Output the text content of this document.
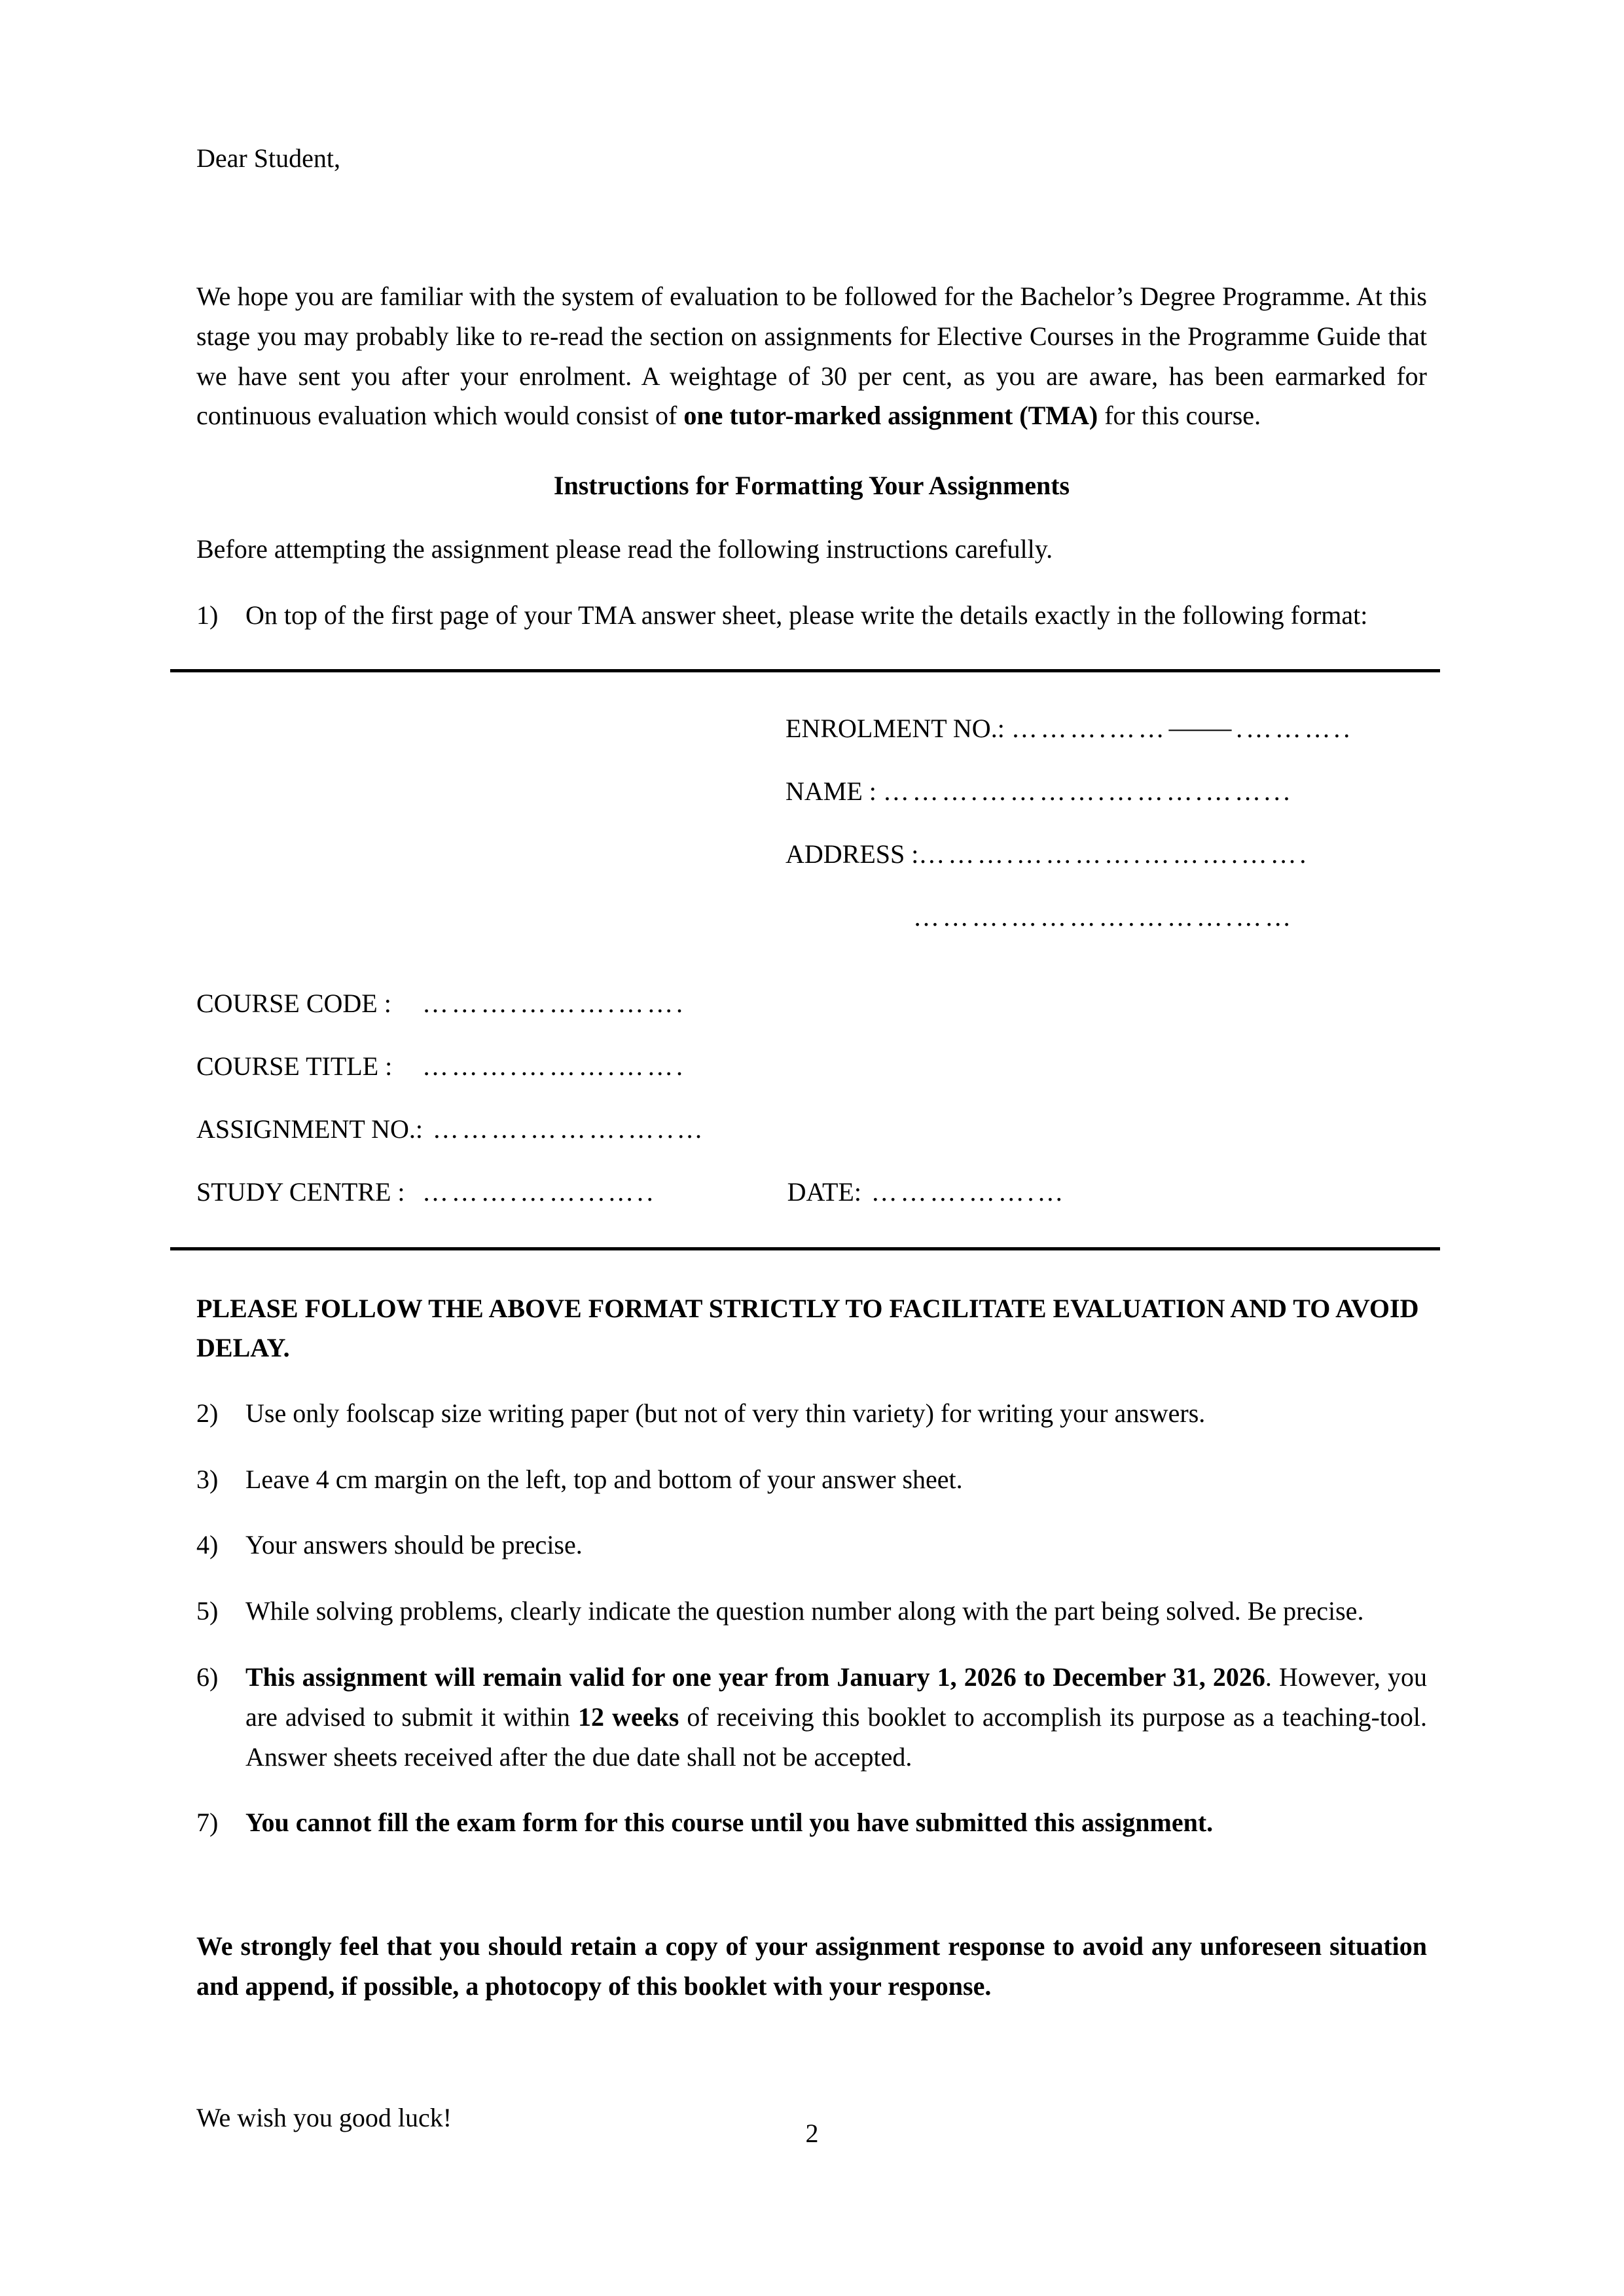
Dear Student,

We hope you are familiar with the system of evaluation to be followed for the Bachelor’s Degree Programme. At this stage you may probably like to re-read the section on assignments for Elective Courses in the Programme Guide that we have sent you after your enrolment. A weightage of 30 per cent, as you are aware, has been earmarked for continuous evaluation which would consist of one tutor-marked assignment (TMA) for this course.

Instructions for Formatting Your Assignments

Before attempting the assignment please read the following instructions carefully.

1)	On top of the first page of your TMA answer sheet, please write the details exactly in the following format:
ENROLMENT NO.: ……….……⸻.………..
NAME : ……….………….……….……...
ADDRESS :……….………….……….…….
……….………….……….……
COURSE CODE : ……….……….…….
COURSE TITLE : ……….……….…….
ASSIGNMENT NO.: ……….……….…..…
STUDY CENTRE : ……….……...…..	DATE: ……….…….…
PLEASE FOLLOW THE ABOVE FORMAT STRICTLY TO FACILITATE EVALUATION AND TO AVOID DELAY.
2)	Use only foolscap size writing paper (but not of very thin variety) for writing your answers.
3)	Leave 4 cm margin on the left, top and bottom of your answer sheet.
4)	Your answers should be precise.
5)	While solving problems, clearly indicate the question number along with the part being solved. Be precise.
6)	This assignment will remain valid for one year from January 1, 2026 to December 31, 2026. However, you are advised to submit it within 12 weeks of receiving this booklet to accomplish its purpose as a teaching-tool. Answer sheets received after the due date shall not be accepted.
7)	You cannot fill the exam form for this course until you have submitted this assignment.
We strongly feel that you should retain a copy of your assignment response to avoid any unforeseen situation and append, if possible, a photocopy of this booklet with your response.
We wish you good luck!
2
